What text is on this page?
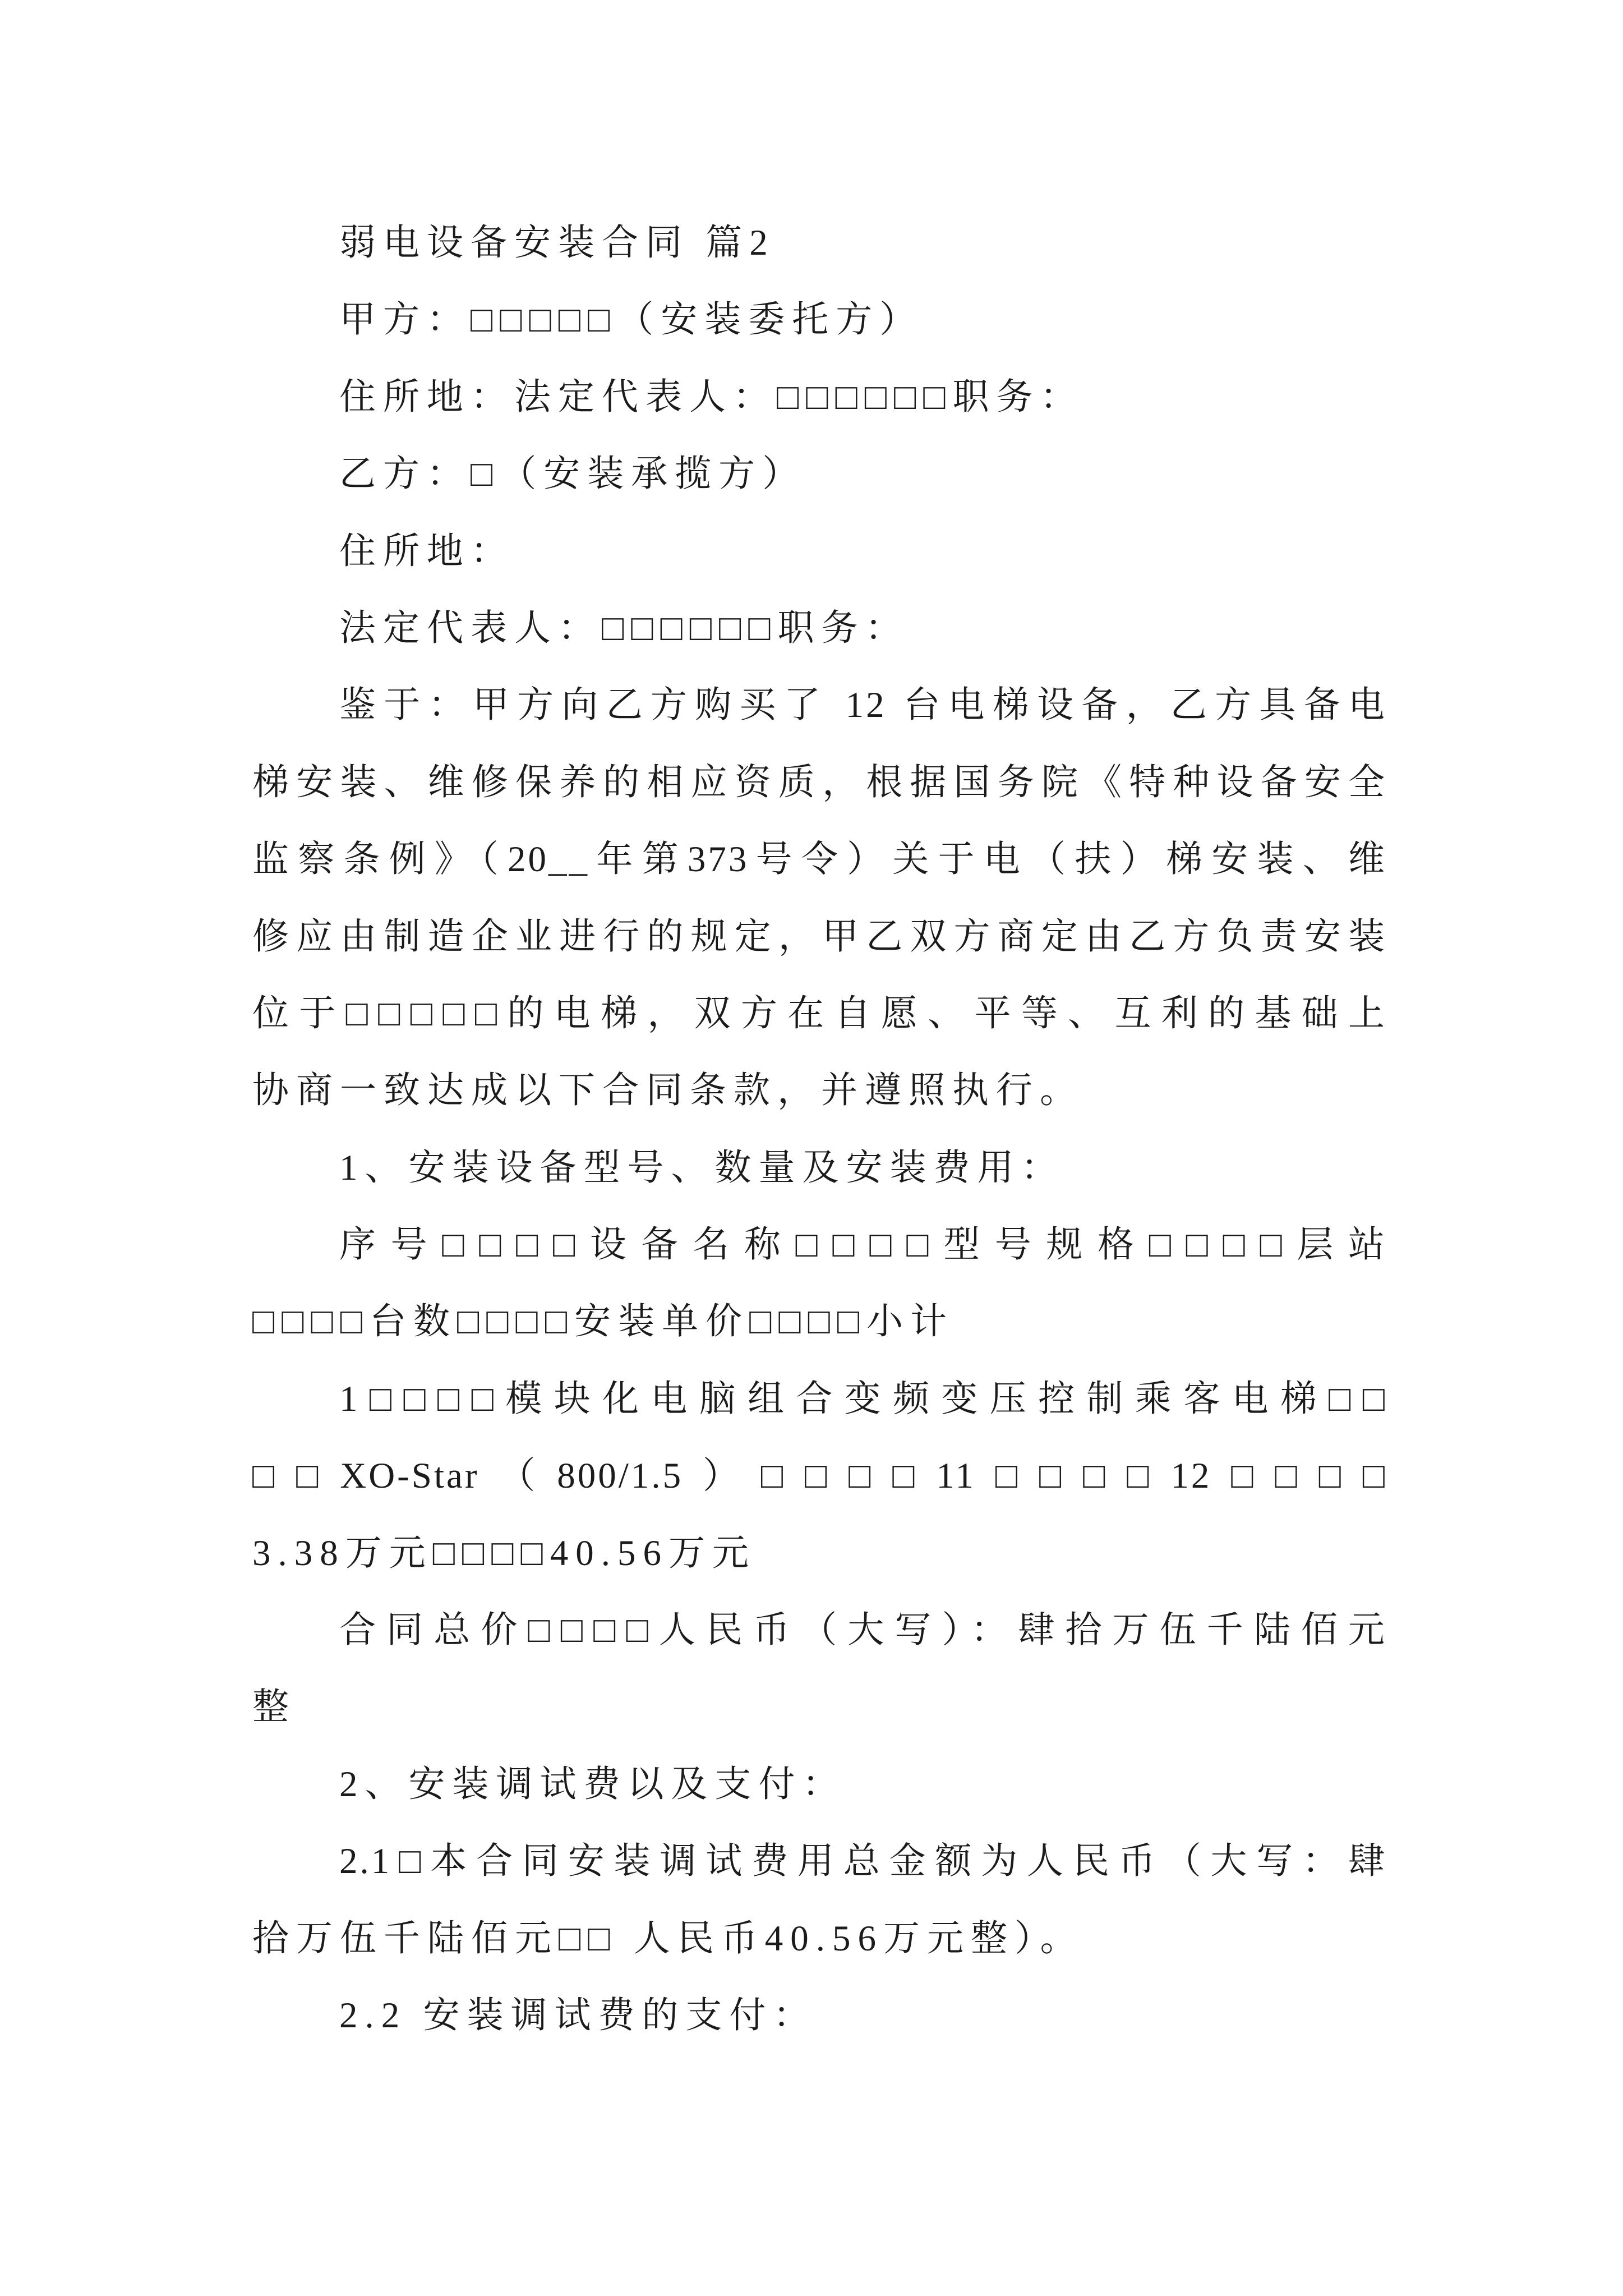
弱电设备安装合同 篇2
甲方：□□□□□（安装委托方）
住所地：法定代表人：□□□□□□职务：
乙方：□（安装承揽方）
住所地：
法定代表人：□□□□□□职务：
鉴于：甲方向乙方购买了 12 台电梯设备，乙方具备电
梯安装、维修保养的相应资质，根据国务院《特种设备安全
监察条例》（20__年第373号令）关于电（扶）梯安装、维
修应由制造企业进行的规定，甲乙双方商定由乙方负责安装
位于□□□□□的电梯，双方在自愿、平等、互利的基础上
协商一致达成以下合同条款，并遵照执行。
1、安装设备型号、数量及安装费用：
序号□□□□设备名称□□□□型号规格□□□□层站
□□□□台数□□□□安装单价□□□□小计
1□□□□模块化电脑组合变频变压控制乘客电梯□□
□□XO-Star（800/1.5）□□□□11□□□□12□□□□
3.38万元□□□□40.56万元
合同总价□□□□人民币（大写）：肆拾万伍千陆佰元
整
2、安装调试费以及支付：
2.1□本合同安装调试费用总金额为人民币（大写：肆
拾万伍千陆佰元□□ 人民币40.56万元整）。
2.2 安装调试费的支付：
